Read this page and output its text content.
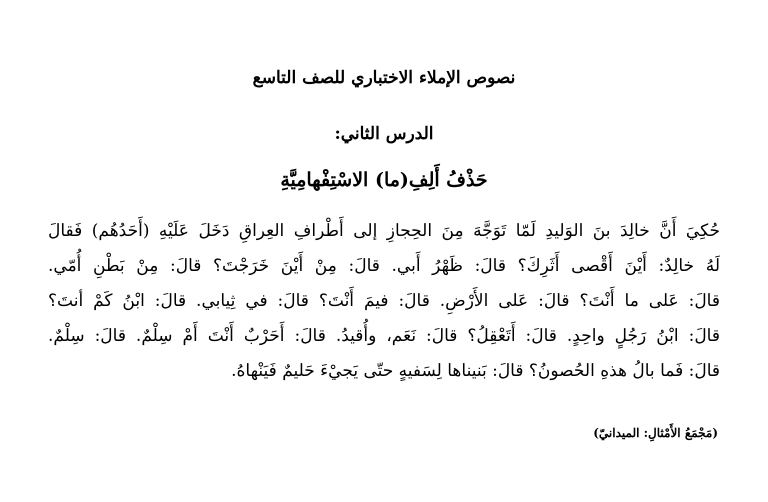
نصوص الإملاء الاختباري للصف التاسع
الدرس الثاني:
حَذْفُ أَلِفِ(ما) الاسْتِفْهامِيَّةِ
حُكِيَ أَنَّ خالِدَ بنَ الوَليدِ لَمّا تَوَجَّهَ مِنَ الحِجازِ إلى أَطْرافِ العِراقِ دَخَلَ عَلَيْهِ (أَحَدُهُم) فَقالَ
لَهُ خالِدٌ: أَيْنَ أَقْصى أَثَرِكَ؟ قالَ: ظَهْرُ أَبي. قالَ: مِنْ أَيْنَ خَرَجْتَ؟ قالَ: مِنْ بَطْنِ أُمّي.
قالَ: عَلى ما أَنْتَ؟ قالَ: عَلى الأَرْضِ. قالَ: فيمَ أَنْتَ؟ قالَ: في ثِيابي. قالَ: ابْنُ كَمْ أنتَ؟
قالَ: ابْنُ رَجُلٍ واحِدٍ. قالَ: أَتَعْقِلُ؟ قالَ: نَعَم، وأُقيدُ. قالَ: أَحَرْبٌ أَنْتَ أَمْ سِلْمٌ. قالَ: سِلْمٌ.
قالَ: فَما بالُ هذهِ الحُصونُ؟ قالَ: بَنيناها لِسَفيهٍ حتّى يَجيْءَ حَليمٌ فَيَنْهاهُ.

(مَجْمَعُ الأَمْثالِ: الميدانيّ)
